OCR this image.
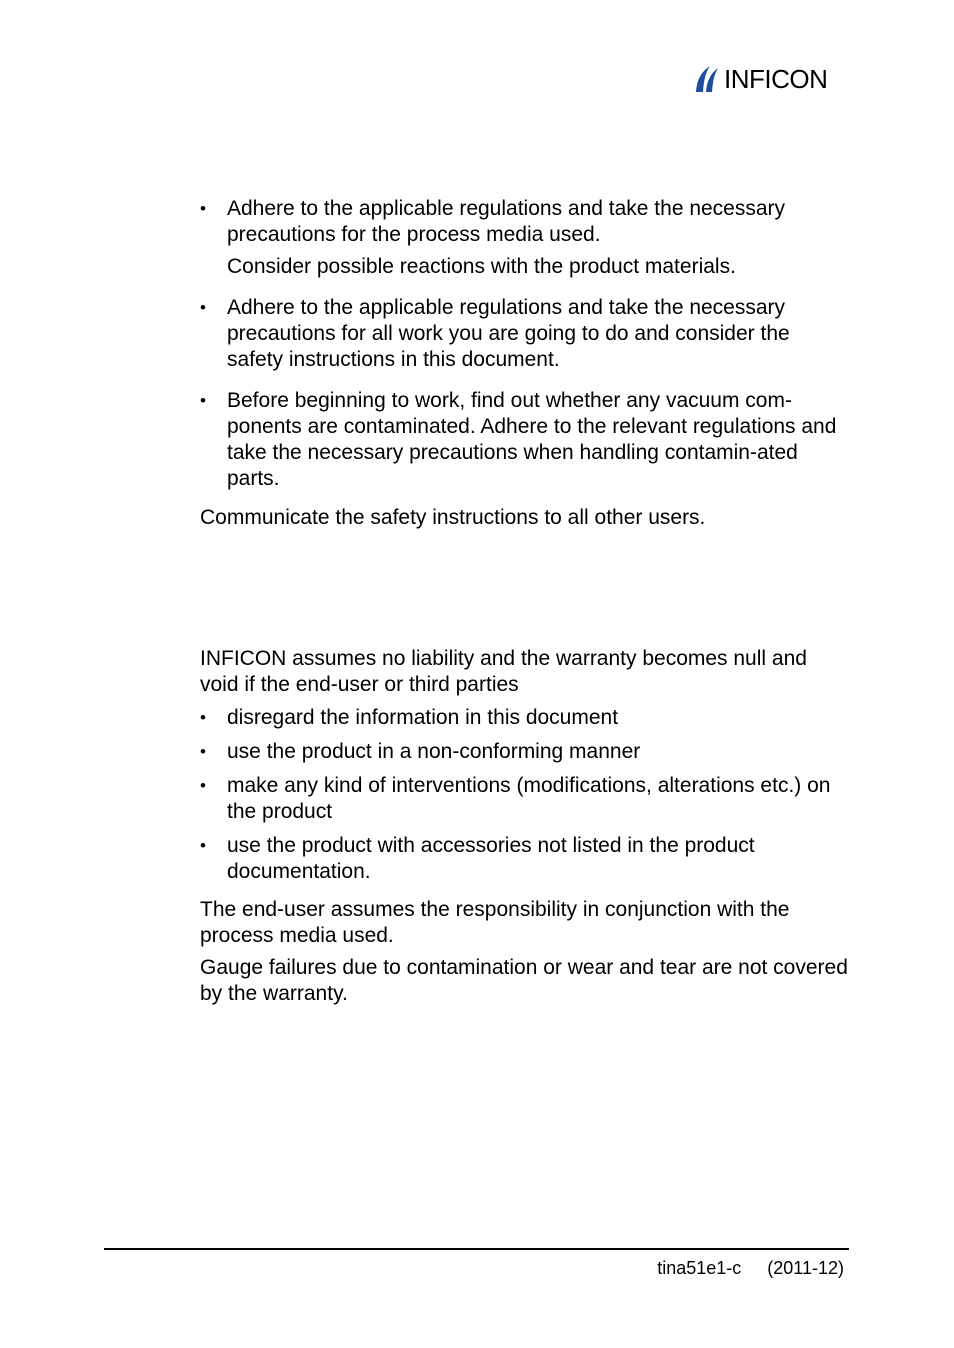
INFICON

• Adhere to the applicable regulations and take the necessary precautions for the process media used.

Consider possible reactions with the product materials.

• Adhere to the applicable regulations and take the necessary precautions for all work you are going to do and consider the safety instructions in this document.

• Before beginning to work, find out whether any vacuum com-ponents are contaminated. Adhere to the relevant regulations and take the necessary precautions when handling contamin-ated parts.

Communicate the safety instructions to all other users.

INFICON assumes no liability and the warranty becomes null and void if the end-user or third parties

• disregard the information in this document

• use the product in a non-conforming manner

• make any kind of interventions (modifications, alterations etc.) on the product

• use the product with accessories not listed in the product documentation.

The end-user assumes the responsibility in conjunction with the process media used.

Gauge failures due to contamination or wear and tear are not covered by the warranty.

tina51e1-c (2011-12)
